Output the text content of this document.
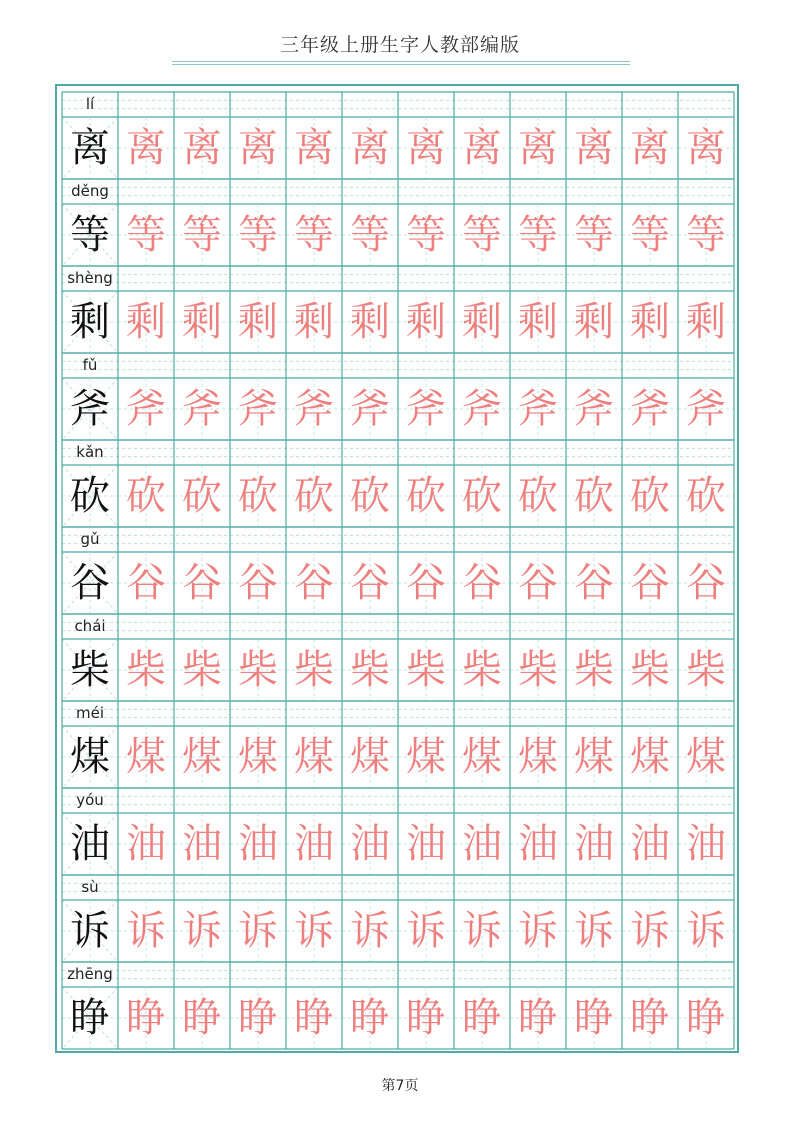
三年级上册生字人教部编版
lí
离 离 离 离 离 离 离 离 离 离 离 离
děng
等 等 等 等 等 等 等 等 等 等 等 等
shèng
剩 剩 剩 剩 剩 剩 剩 剩 剩 剩 剩 剩
fǔ
斧 斧 斧 斧 斧 斧 斧 斧 斧 斧 斧 斧
kǎn
砍 砍 砍 砍 砍 砍 砍 砍 砍 砍 砍 砍
gǔ
谷 谷 谷 谷 谷 谷 谷 谷 谷 谷 谷 谷
chái
柴 柴 柴 柴 柴 柴 柴 柴 柴 柴 柴 柴
méi
煤 煤 煤 煤 煤 煤 煤 煤 煤 煤 煤 煤
yóu
油 油 油 油 油 油 油 油 油 油 油 油
sù
诉 诉 诉 诉 诉 诉 诉 诉 诉 诉 诉 诉
zhēng
睁 睁 睁 睁 睁 睁 睁 睁 睁 睁 睁 睁
第7页
